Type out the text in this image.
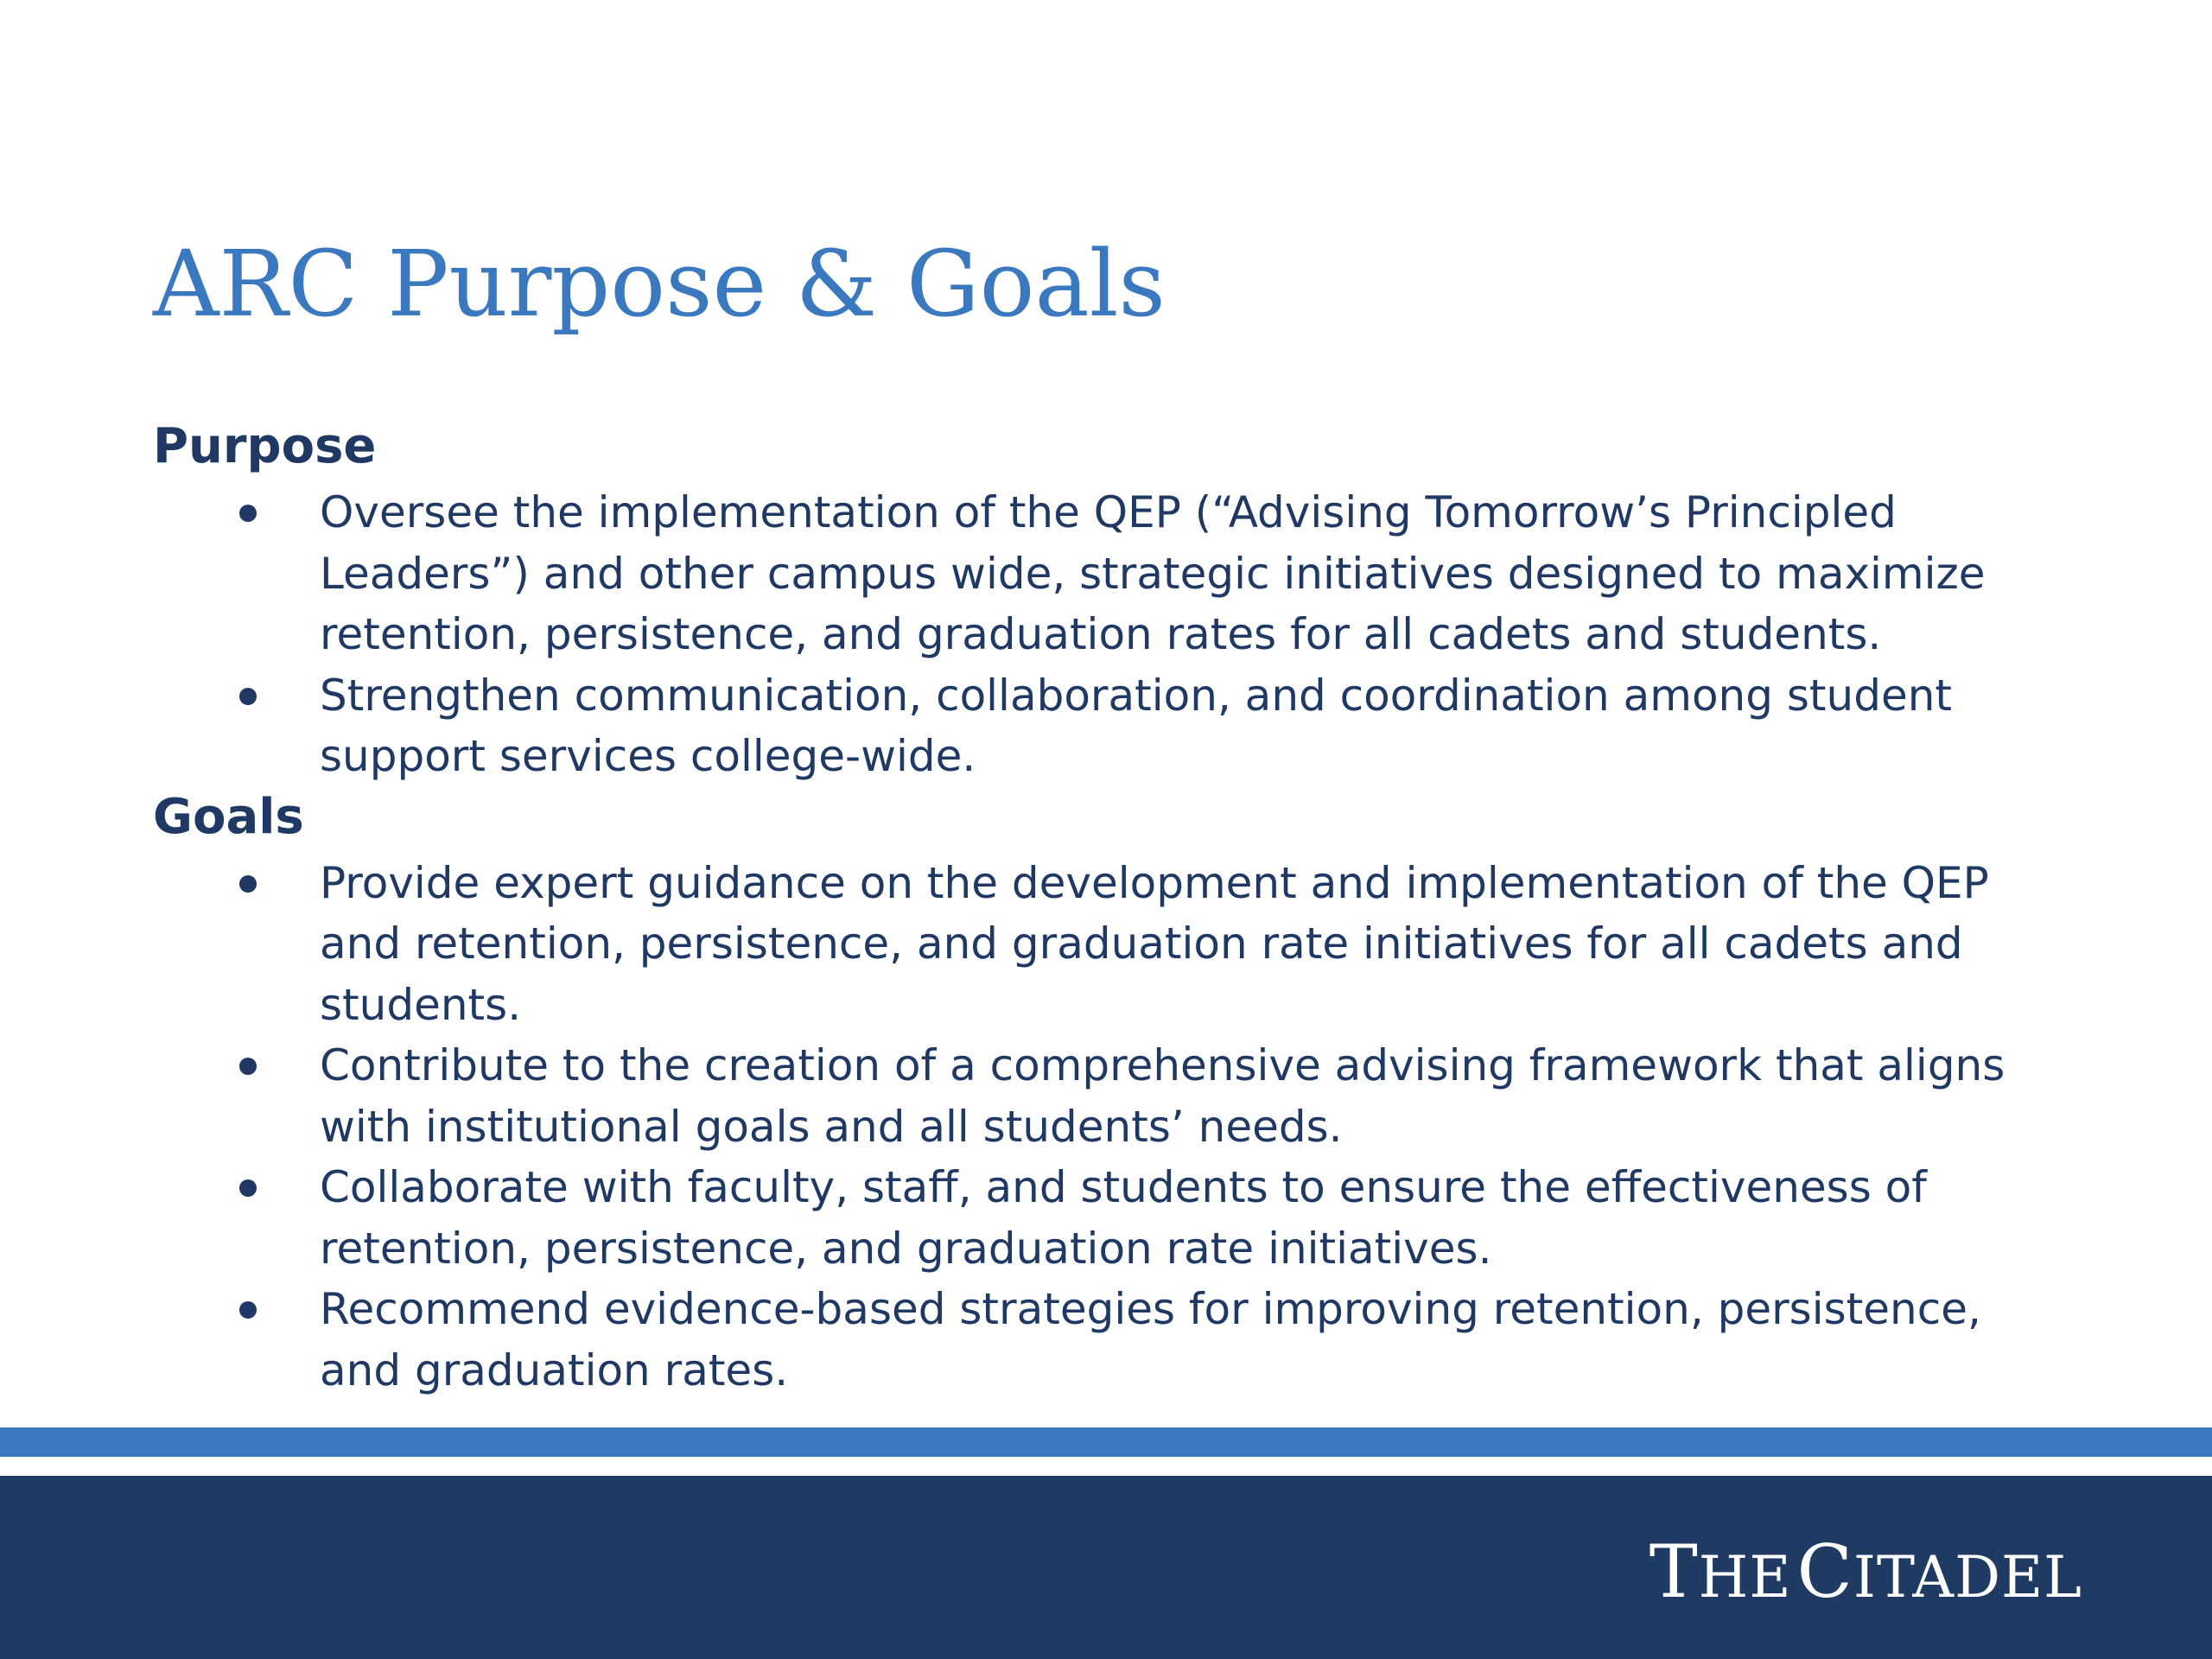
ARC Purpose & Goals
Purpose
Oversee the implementation of the QEP (“Advising Tomorrow’s Principled Leaders”) and other campus wide, strategic initiatives designed to maximize retention, persistence, and graduation rates for all cadets and students.
Strengthen communication, collaboration, and coordination among student support services college-wide.
Goals
Provide expert guidance on the development and implementation of the QEP and retention, persistence, and graduation rate initiatives for all cadets and students.
Contribute to the creation of a comprehensive advising framework that aligns with institutional goals and all students’ needs.
Collaborate with faculty, staff, and students to ensure the effectiveness of retention, persistence, and graduation rate initiatives.
Recommend evidence-based strategies for improving retention, persistence, and graduation rates.
THE CITADEL
